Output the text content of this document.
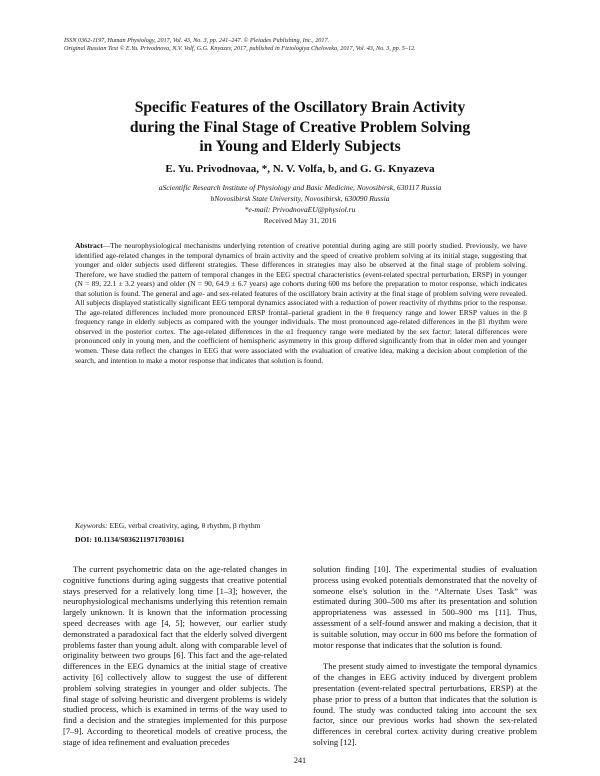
ISSN 0362-1197, Human Physiology, 2017, Vol. 43, No. 3, pp. 241–247. © Pleiades Publishing, Inc., 2017.
Original Russian Text © E.Yu. Privodnova, N.V. Volf, G.G. Knyazev, 2017, published in Fiziologiya Cheloveka, 2017, Vol. 43, No. 3, pp. 5–12.
Specific Features of the Oscillatory Brain Activity
during the Final Stage of Creative Problem Solving
in Young and Elderly Subjects
E. Yu. Privodnovaa, *, N. V. Volfa, b, and G. G. Knyazeva
aScientific Research Institute of Physiology and Basic Medicine, Novosibirsk, 630117 Russia
bNovosibirsk State University, Novosibirsk, 630090 Russia
*e-mail: PrivodnovaEU@physiol.ru
Received May 31, 2016
Abstract—The neurophysiological mechanisms underlying retention of creative potential during aging are still poorly studied. Previously, we have identified age-related changes in the temporal dynamics of brain activity and the speed of creative problem solving at its initial stage, suggesting that younger and older subjects used different strategies. These differences in strategies may also be observed at the final stage of problem solving. Therefore, we have studied the pattern of temporal changes in the EEG spectral characteristics (event-related spectral perturbation, ERSP) in younger (N = 89, 22.1 ± 3.2 years) and older (N = 90, 64.9 ± 6.7 years) age cohorts during 600 ms before the preparation to motor response, which indicates that solution is found. The general and age- and sex-related features of the oscillatory brain activity at the final stage of problem solving were revealed. All subjects displayed statistically significant EEG temporal dynamics associated with a reduction of power reactivity of rhythms prior to the response. The age-related differences included more pronounced ERSP frontal–parietal gradient in the θ frequency range and lower ERSP values in the β frequency range in elderly subjects as compared with the younger individuals. The most pronounced age-related differences in the β1 rhythm were observed in the posterior cortex. The age-related differences in the α1 frequency range were mediated by the sex factor: lateral differences were pronounced only in young men, and the coefficient of hemispheric asymmetry in this group differed significantly from that in older men and younger women. These data reflect the changes in EEG that were associated with the evaluation of creative idea, making a decision about completion of the search, and intention to make a motor response that indicates that solution is found.
Keywords: EEG, verbal creativity, aging, θ rhythm, β rhythm
DOI: 10.1134/S0362119717030161

The current psychometric data on the age-related changes in cognitive functions during aging suggests that creative potential stays preserved for a relatively long time [1–3]; however, the neurophysiological mechanisms underlying this retention remain largely unknown. It is known that the information processing speed decreases with age [4, 5]; however, our earlier study demonstrated a paradoxical fact that the elderly solved divergent problems faster than young adult. along with comparable level of originality between two groups [6]. This fact and the age-related differences in the EEG dynamics at the initial stage of creative activity [6] collectively allow to suggest the use of different problem solving strategies in younger and older subjects. The final stage of solving heuristic and divergent problems is widely studied process, which is examined in terms of the way used to find a decision and the strategies implemented for this purpose [7–9]. According to theoretical models of creative process, the stage of idea refinement and evaluation precedes

solution finding [10]. The experimental studies of evaluation process using evoked potentials demonstrated that the novelty of someone else's solution in the “Alternate Uses Task” was estimated during 300–500 ms after its presentation and solution appropriateness was assessed in 500–900 ms [11]. Thus, assessment of a self-found answer and making a decision, that it is suitable solution, may occur in 600 ms before the formation of motor response that indicates that the solution is found.

The present study aimed to investigate the temporal dynamics of the changes in EEG activity induced by divergent problem presentation (event-related spectral perturbations, ERSP) at the phase prior to press of a button that indicates that the solution is found. The study was conducted taking into account the sex factor, since our previous works had shown the sex-related differences in cerebral cortex activity during creative problem solving [12].

241
